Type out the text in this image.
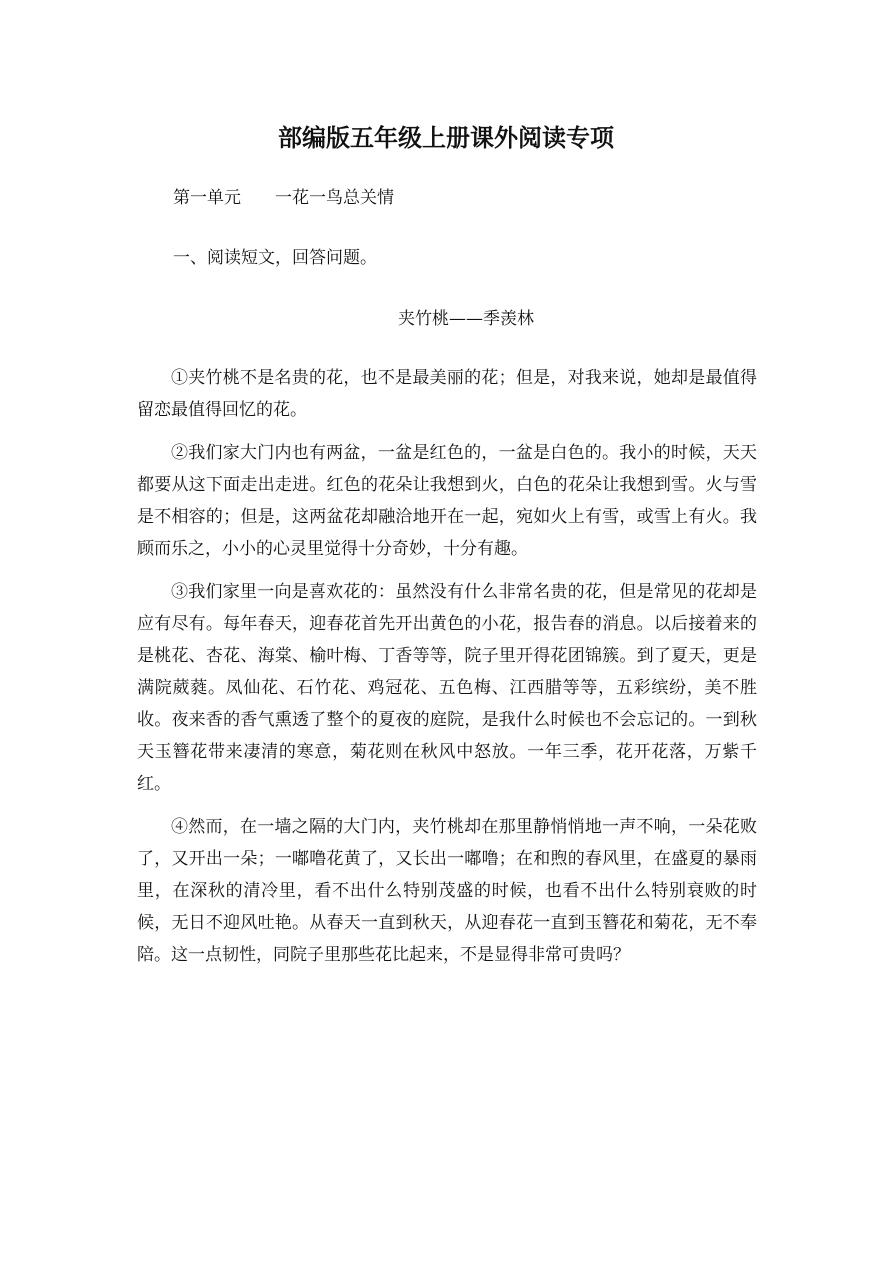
部编版五年级上册课外阅读专项
第一单元 一花一鸟总关情
一、阅读短文，回答问题。
夹竹桃——季羡林

①夹竹桃不是名贵的花，也不是最美丽的花；但是，对我来说，她却是最值得留恋最值得回忆的花。

②我们家大门内也有两盆，一盆是红色的，一盆是白色的。我小的时候，天天都要从这下面走出走进。红色的花朵让我想到火，白色的花朵让我想到雪。火与雪是不相容的；但是，这两盆花却融洽地开在一起，宛如火上有雪，或雪上有火。我顾而乐之，小小的心灵里觉得十分奇妙，十分有趣。

③我们家里一向是喜欢花的：虽然没有什么非常名贵的花，但是常见的花却是应有尽有。每年春天，迎春花首先开出黄色的小花，报告春的消息。以后接着来的是桃花、杏花、海棠、榆叶梅、丁香等等，院子里开得花团锦簇。到了夏天，更是满院葳蕤。凤仙花、石竹花、鸡冠花、五色梅、江西腊等等，五彩缤纷，美不胜收。夜来香的香气熏透了整个的夏夜的庭院，是我什么时候也不会忘记的。一到秋天玉簪花带来凄清的寒意，菊花则在秋风中怒放。一年三季，花开花落，万紫千红。

④然而，在一墙之隔的大门内，夹竹桃却在那里静悄悄地一声不响，一朵花败了，又开出一朵；一嘟噜花黄了，又长出一嘟噜；在和煦的春风里，在盛夏的暴雨里，在深秋的清冷里，看不出什么特别茂盛的时候，也看不出什么特别衰败的时候，无日不迎风吐艳。从春天一直到秋天，从迎春花一直到玉簪花和菊花，无不奉陪。这一点韧性，同院子里那些花比起来，不是显得非常可贵吗？
